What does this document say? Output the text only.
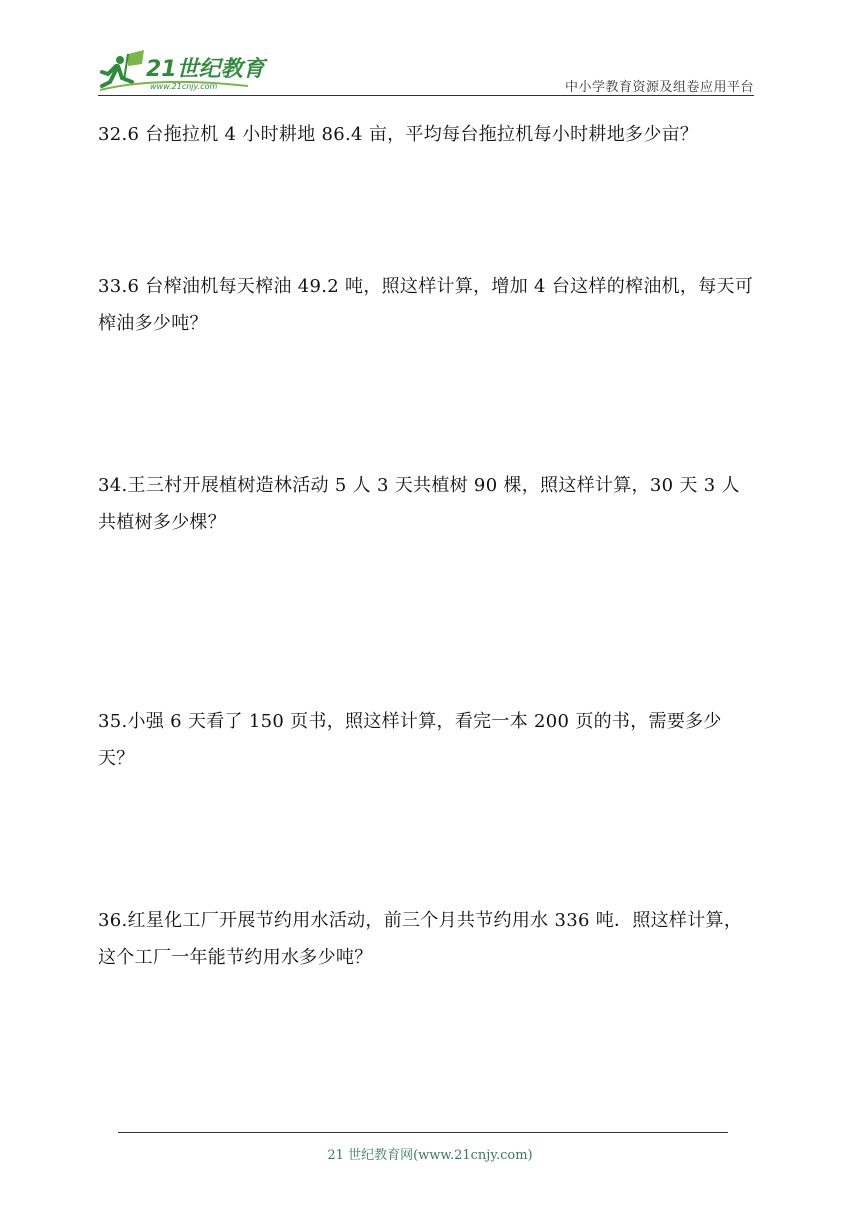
21世纪教育
www.21cnjy.com	中小学教育资源及组卷应用平台
32.6 台拖拉机 4 小时耕地 86.4 亩，平均每台拖拉机每小时耕地多少亩？
33.6 台榨油机每天榨油 49.2 吨，照这样计算，增加 4 台这样的榨油机，每天可榨油多少吨？
34.王三村开展植树造林活动 5 人 3 天共植树 90 棵，照这样计算，30 天 3 人共植树多少棵？
35.小强 6 天看了 150 页书，照这样计算，看完一本 200 页的书，需要多少天？
36.红星化工厂开展节约用水活动，前三个月共节约用水 336 吨．照这样计算，这个工厂一年能节约用水多少吨？
21 世纪教育网(www.21cnjy.com)
